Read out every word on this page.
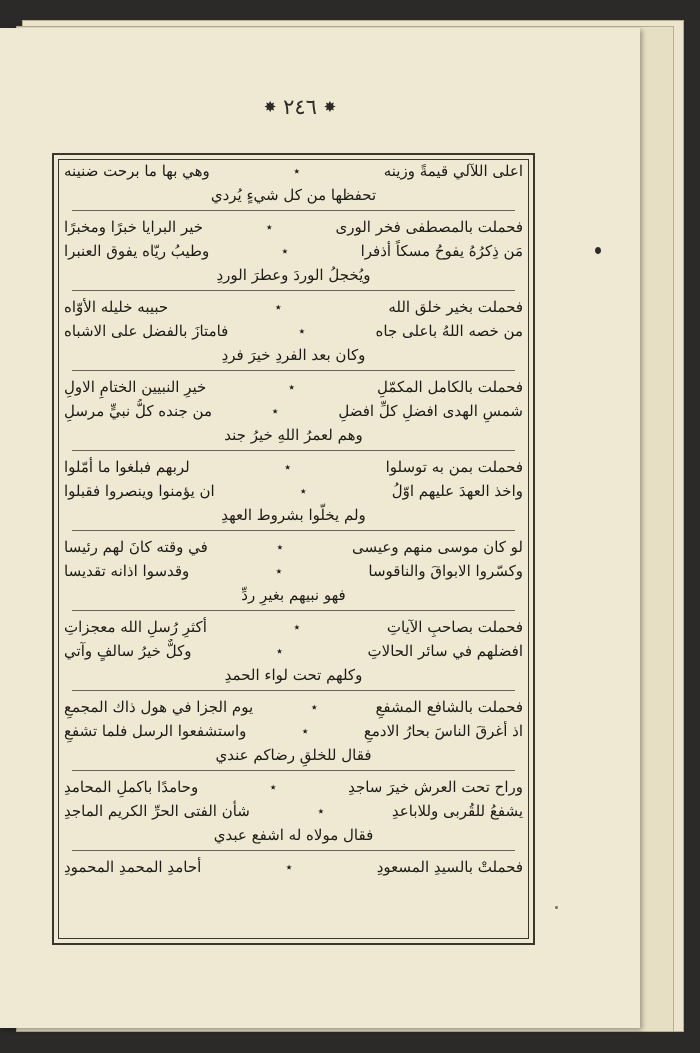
✸ ٢٤٦ ✸
اعلى اللآلي قيمةً وزينه
٭
وهي بها ما برحت ضنينه
تحفظها من كل شيءٍ يُردي
فحملت بالمصطفى فخر الورى
٭
خير البرايا خبرًا ومخبرًا
مَن ذِكرُهُ يفوحُ مسكاً أذفرا
٭
وطيبُ ريّاه يفوق العنبرا
ويُخجلُ الوردَ وعطرَ الوردِ
فحملت بخير خلق الله
٭
حبيبه خليله الأوّاه
من خصه اللهُ باعلى جاه
٭
فامتازَ بالفضل على الاشباه
وكان بعد الفردِ خيرَ فردِ
فحملت بالكامل المكمّلِ
٭
خيرِ النبيين الختامِ الاولِ
شمسِ الهدى افضلِ كلِّ افضلِ
٭
من جنده كلُّ نبيٍّ مرسلِ
وهم لعمرُ اللهِ خيرُ جند
فحملت بمن به توسلوا
٭
لربهم فبلغوا ما أمّلوا
واخذ العهدَ عليهم اوّلُ
٭
ان يؤمنوا وينصروا فقبلوا
ولم يخلّوا بشروط العهدِ
لو كان موسى منهم وعيسى
٭
في وقته كانَ لهم رئيسا
وكسّروا الابواقَ والناقوسا
٭
وقدسوا اذانه تقديسا
فهو نبيهم بغيرِ ردِّ
فحملت بصاحبِ الآياتِ
٭
أكثرِ رُسلِ الله معجزاتِ
افضلهم في سائر الحالاتِ
٭
وكلٌّ خيرُ سالفٍ وآتي
وكلهم تحت لواء الحمدِ
فحملت بالشافع المشفعِ
٭
يوم الجزا في هول ذاك المجمعِ
اذ أغرقَ الناسَ بحارُ الادمعِ
٭
واستشفعوا الرسل فلما تشفعِ
فقال للخلقِ رضاكم عندي
وراح تحت العرش خيرَ ساجدِ
٭
وحامدًا باكملِ المحامدِ
يشفعُ للقُربى وللاباعدِ
٭
شأن الفتى الحرِّ الكريم الماجدِ
فقال مولاه له اشفع عبدي
فحملتْ بالسيدِ المسعودِ
٭
أحامدِ المحمدِ المحمودِ
